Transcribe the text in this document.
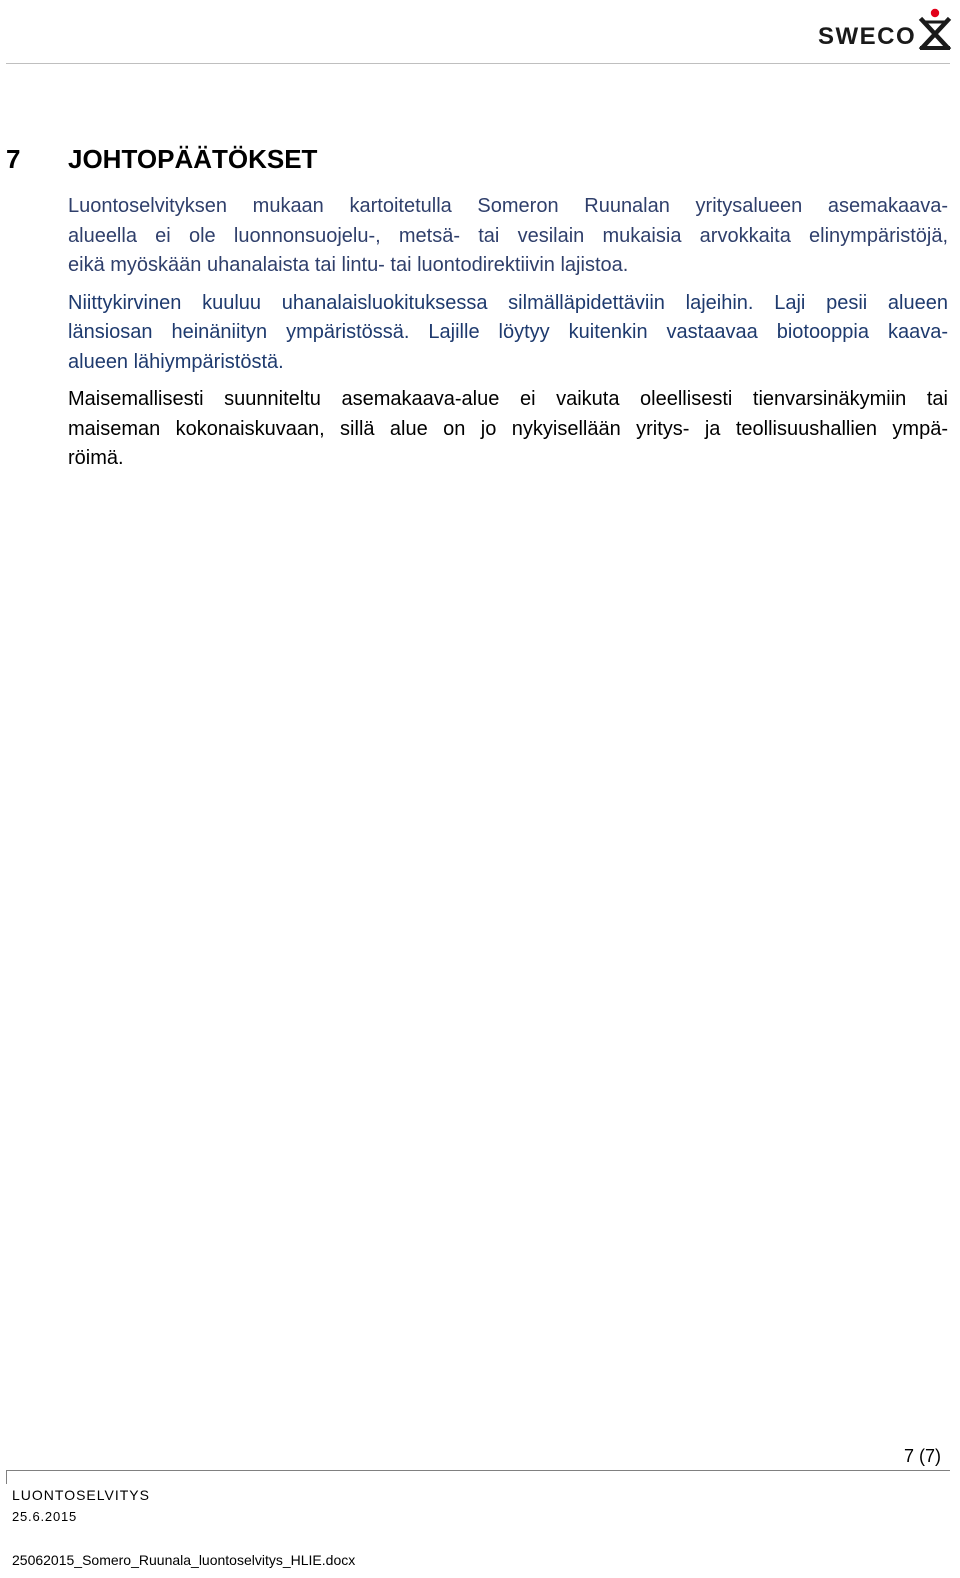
SWECO
7 JOHTOPÄÄTÖKSET

Luontoselvityksen mukaan kartoitetulla Someron Ruunalan yritysalueen asemakaava-
alueella ei ole luonnonsuojelu-, metsä- tai vesilain mukaisia arvokkaita elinympäristöjä,
eikä myöskään uhanalaista tai lintu- tai luontodirektiivin lajistoa.

Niittykirvinen kuuluu uhanalaisluokituksessa silmälläpidettäviin lajeihin. Laji pesii alueen
länsiosan heinäniityn ympäristössä. Lajille löytyy kuitenkin vastaavaa biotooppia kaava-
alueen lähiympäristöstä.

Maisemallisesti suunniteltu asemakaava-alue ei vaikuta oleellisesti tienvarsinäkymiin tai
maiseman kokonaiskuvaan, sillä alue on jo nykyisellään yritys- ja teollisuushallien ympä-
röimä.

7 (7)
LUONTOSELVITYS
25.6.2015
25062015_Somero_Ruunala_luontoselvitys_HLIE.docx
